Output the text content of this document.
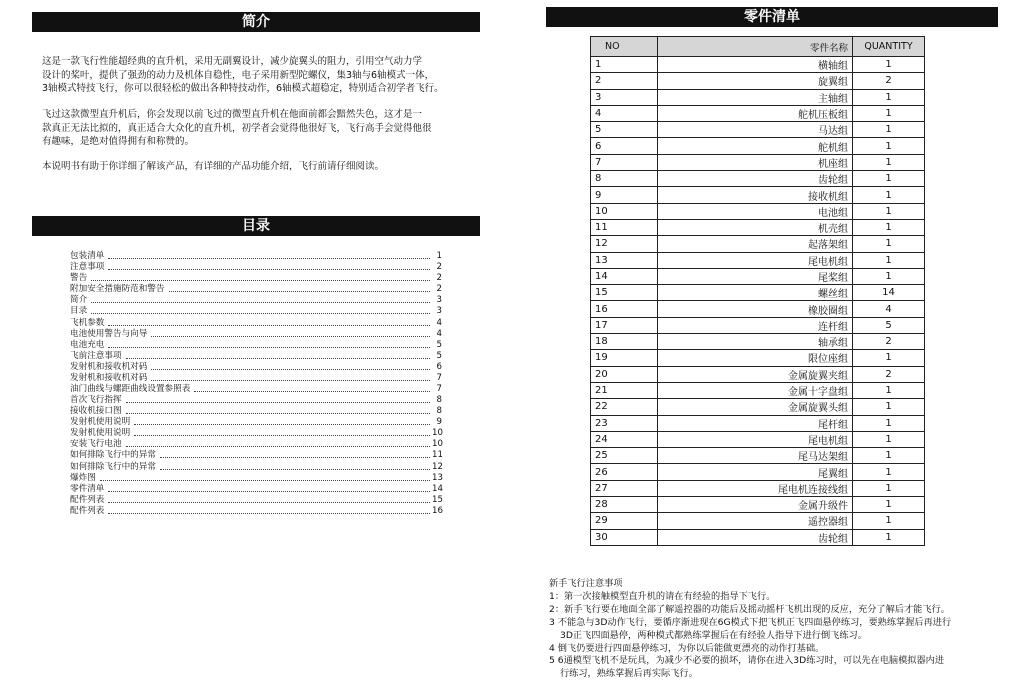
简介
这是一款飞行性能超经典的直升机，采用无副翼设计，减少旋翼头的阻力，引用空气动力学
设计的桨叶，提供了强劲的动力及机体自稳性，电子采用新型陀螺仪，集3轴与6轴模式一体，
3轴模式特技飞行，你可以很轻松的做出各种特技动作，6轴模式超稳定，特别适合初学者飞行。
飞过这款微型直升机后，你会发现以前飞过的微型直升机在他面前都会黯然失色，这才是一
款真正无法比拟的，真正适合大众化的直升机，初学者会觉得他很好飞，飞行高手会觉得他很
有趣味，是绝对值得拥有和称赞的。
本说明书有助于你详细了解该产品，有详细的产品功能介绍，飞行前请仔细阅读。
目录
包装清单	1
注意事项	2
警告	2
附加安全措施防范和警告	2
简介	3
目录	3
飞机参数	4
电池使用警告与向导	4
电池充电	5
飞前注意事项	5
发射机和接收机对码	6
发射机和接收机对码	7
油门曲线与螺距曲线设置参照表	7
首次飞行指挥	8
接收机接口图	8
发射机使用说明	9
发射机使用说明	10
安装飞行电池	10
如何排除飞行中的异常	11
如何排除飞行中的异常	12
爆炸图	13
零件清单	14
配件列表	15
配件列表	16
零件清单
NO	零件名称	QUANTITY
1	横轴组	1
2	旋翼组	2
3	主轴组	1
4	舵机压板组	1
5	马达组	1
6	舵机组	1
7	机座组	1
8	齿轮组	1
9	接收机组	1
10	电池组	1
11	机壳组	1
12	起落架组	1
13	尾电机组	1
14	尾桨组	1
15	螺丝组	14
16	橡胶圈组	4
17	连杆组	5
18	轴承组	2
19	限位座组	1
20	金属旋翼夹组	2
21	金属十字盘组	1
22	金属旋翼头组	1
23	尾杆组	1
24	尾电机组	1
25	尾马达架组	1
26	尾翼组	1
27	尾电机连接线组	1
28	金属升级件	1
29	遥控器组	1
30	齿轮组	1
新手飞行注意事项
1：第一次接触模型直升机的请在有经验的指导下飞行。
2：新手飞行要在地面全部了解遥控器的功能后及摇动摇杆飞机出现的反应，充分了解后才能飞行。
3 不能急与3D动作飞行，要循序渐进现在6G模式下把飞机正飞四面悬停练习，要熟练掌握后再进行
3D正飞四面悬停，两种模式都熟练掌握后在有经验人指导下进行倒飞练习。
4 倒飞仍要进行四面悬停练习，为你以后能做更漂亮的动作打基础。
5 6通模型飞机不是玩具，为减少不必要的损坏，请你在进入3D练习时，可以先在电脑模拟器内进
行练习，熟练掌握后再实际飞行。
